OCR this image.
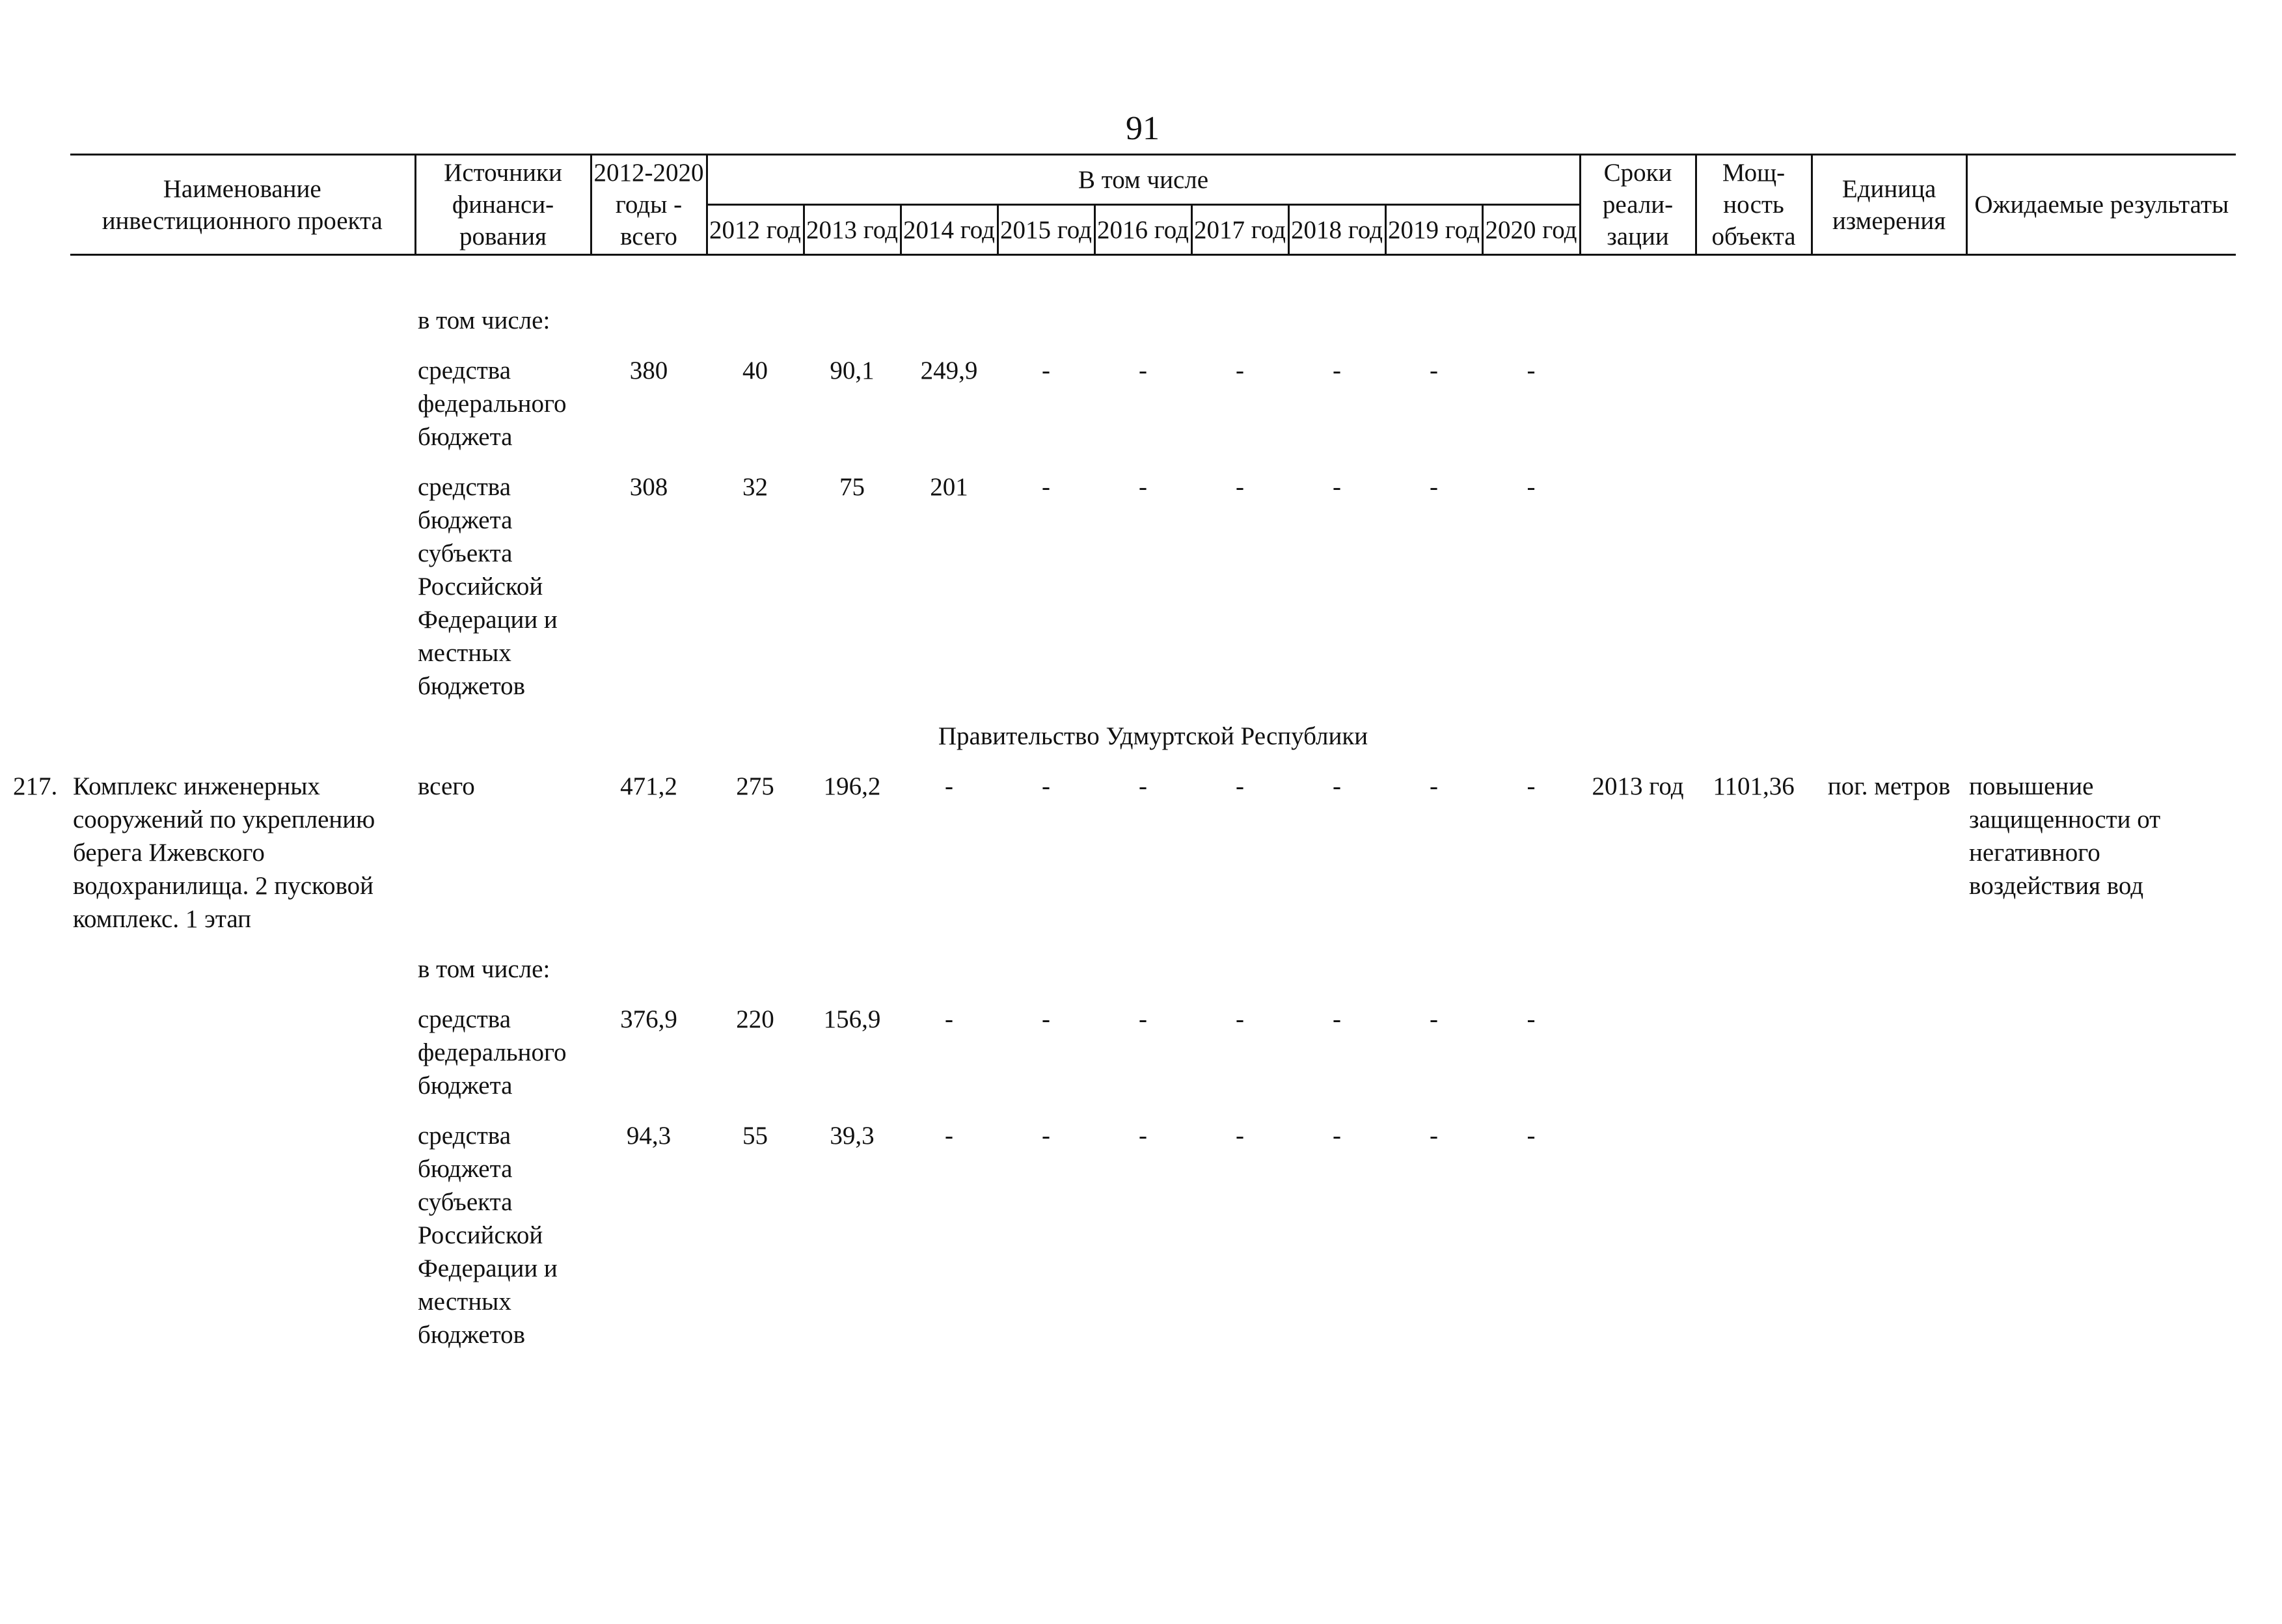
91
Наименование инвестиционного проекта	Источники финанси-рования	2012-2020 годы - всего	В том числе									Сроки реали-зации	Мощ-ность объекта	Единица измерения	Ожидаемые результаты
			2012 год	2013 год	2014 год	2015 год	2016 год	2017 год	2018 год	2019 год	2020 год				

	в том числе:														
	средства федерального бюджета	380	40	90,1	249,9	-	-	-	-	-	-				
	средства бюджета субъекта Российской Федерации и местных бюджетов	308	32	75	201	-	-	-	-	-	-				
Правительство Удмуртской Республики															

217. Комплекс инженерных сооружений по укреплению берега Ижевского водохранилища. 2 пусковой комплекс. 1 этап	всего	471,2	275	196,2	-	-	-	-	-	-	-	2013 год	1101,36	пог. метров	повышение защищенности от негативного воздействия вод
	в том числе:														
	средства федерального бюджета	376,9	220	156,9	-	-	-	-	-	-	-				
	средства бюджета субъекта Российской Федерации и местных бюджетов	94,3	55	39,3	-	-	-	-	-	-	-				
